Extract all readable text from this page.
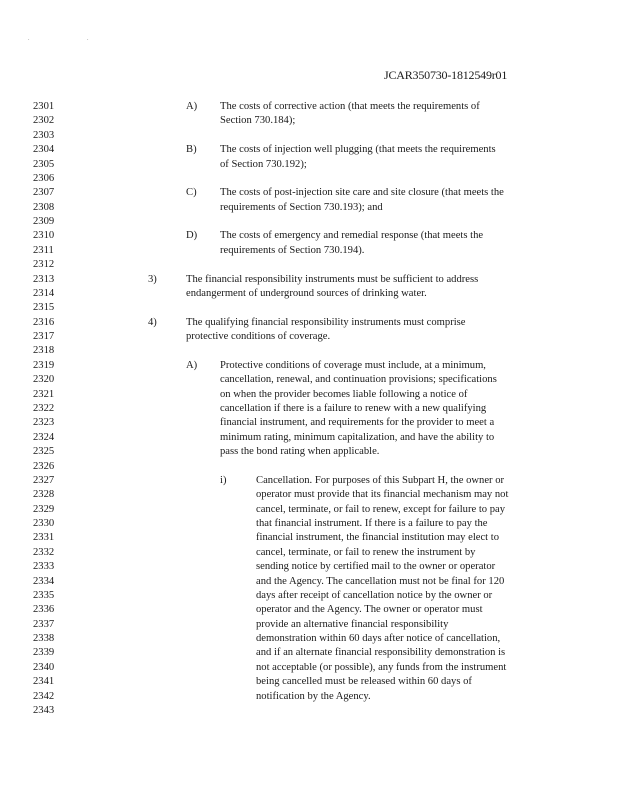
. .
JCAR350730-1812549r01
2301
2302
2303
2304
2305
2306
2307
2308
2309
2310
2311
2312
2313
2314
2315
2316
2317
2318
2319
2320
2321
2322
2323
2324
2325
2326
2327
2328
2329
2330
2331
2332
2333
2334
2335
2336
2337
2338
2339
2340
2341
2342
2343
A) The costs of corrective action (that meets the requirements of
Section 730.184);
B) The costs of injection well plugging (that meets the requirements
of Section 730.192);
C) The costs of post-injection site care and site closure (that meets the
requirements of Section 730.193); and
D) The costs of emergency and remedial response (that meets the
requirements of Section 730.194).
3)	The financial responsibility instruments must be sufficient to address
endangerment of underground sources of drinking water.
4)	The qualifying financial responsibility instruments must comprise
protective conditions of coverage.
A) Protective conditions of coverage must include, at a minimum,
cancellation, renewal, and continuation provisions; specifications
on when the provider becomes liable following a notice of
cancellation if there is a failure to renew with a new qualifying
financial instrument, and requirements for the provider to meet a
minimum rating, minimum capitalization, and have the ability to
pass the bond rating when applicable.
i)	Cancellation. For purposes of this Subpart H, the owner or
operator must provide that its financial mechanism may not
cancel, terminate, or fail to renew, except for failure to pay
that financial instrument. If there is a failure to pay the
financial instrument, the financial institution may elect to
cancel, terminate, or fail to renew the instrument by
sending notice by certified mail to the owner or operator
and the Agency. The cancellation must not be final for 120
days after receipt of cancellation notice by the owner or
operator and the Agency. The owner or operator must
provide an alternative financial responsibility
demonstration within 60 days after notice of cancellation,
and if an alternate financial responsibility demonstration is
not acceptable (or possible), any funds from the instrument
being cancelled must be released within 60 days of
notification by the Agency.
